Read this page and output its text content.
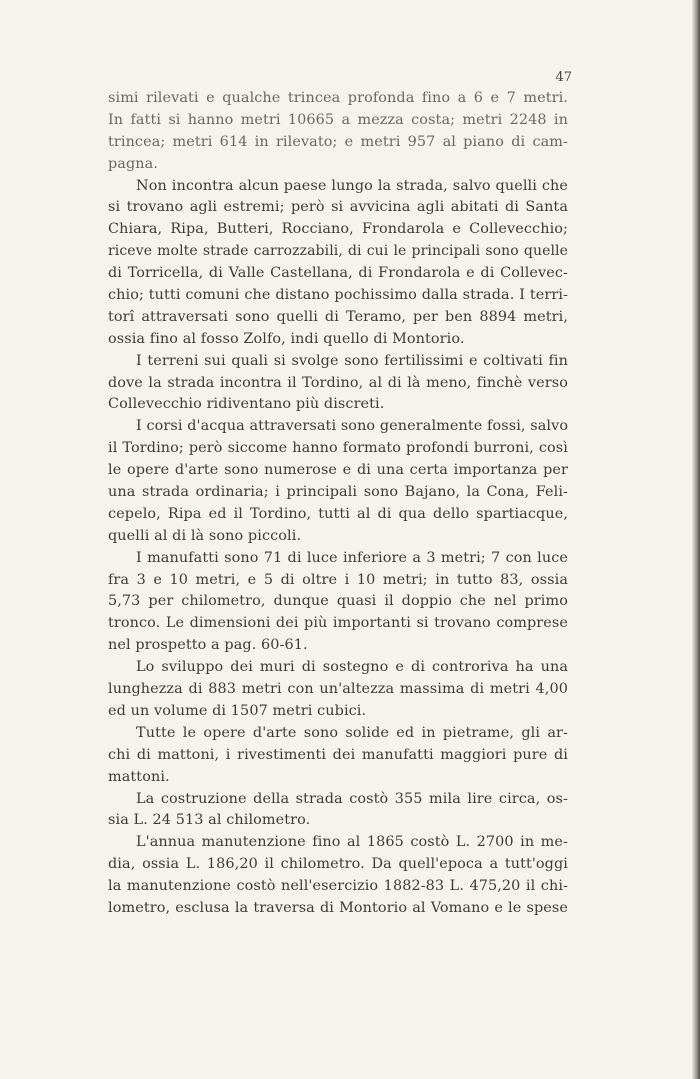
47
simi rilevati e qualche trincea profonda fino a 6 e 7 metri.
In fatti si hanno metri 10665 a mezza costa; metri 2248 in
trincea; metri 614 in rilevato; e metri 957 al piano di cam-
pagna.
Non incontra alcun paese lungo la strada, salvo quelli che
si trovano agli estremi; però si avvicina agli abitati di Santa
Chiara, Ripa, Butteri, Rocciano, Frondarola e Collevecchio;
riceve molte strade carrozzabili, di cui le principali sono quelle
di Torricella, di Valle Castellana, di Frondarola e di Collevec-
chio; tutti comuni che distano pochissimo dalla strada. I terri-
torî attraversati sono quelli di Teramo, per ben 8894 metri,
ossia fino al fosso Zolfo, indi quello di Montorio.
I terreni sui quali si svolge sono fertilissimi e coltivati fin
dove la strada incontra il Tordino, al di là meno, finchè verso
Collevecchio ridiventano più discreti.
I corsi d'acqua attraversati sono generalmente fossi, salvo
il Tordino; però siccome hanno formato profondi burroni, così
le opere d'arte sono numerose e di una certa importanza per
una strada ordinaria; i principali sono Bajano, la Cona, Feli-
cepelo, Ripa ed il Tordino, tutti al di qua dello spartiacque,
quelli al di là sono piccoli.
I manufatti sono 71 di luce inferiore a 3 metri; 7 con luce
fra 3 e 10 metri, e 5 di oltre i 10 metri; in tutto 83, ossia
5,73 per chilometro, dunque quasi il doppio che nel primo
tronco. Le dimensioni dei più importanti si trovano comprese
nel prospetto a pag. 60-61.
Lo sviluppo dei muri di sostegno e di controriva ha una
lunghezza di 883 metri con un'altezza massima di metri 4,00
ed un volume di 1507 metri cubici.
Tutte le opere d'arte sono solide ed in pietrame, gli ar-
chi di mattoni, i rivestimenti dei manufatti maggiori pure di
mattoni.
La costruzione della strada costò 355 mila lire circa, os-
sia L. 24 513 al chilometro.
L'annua manutenzione fino al 1865 costò L. 2700 in me-
dia, ossia L. 186,20 il chilometro. Da quell'epoca a tutt'oggi
la manutenzione costò nell'esercizio 1882-83 L. 475,20 il chi-
lometro, esclusa la traversa di Montorio al Vomano e le spese
